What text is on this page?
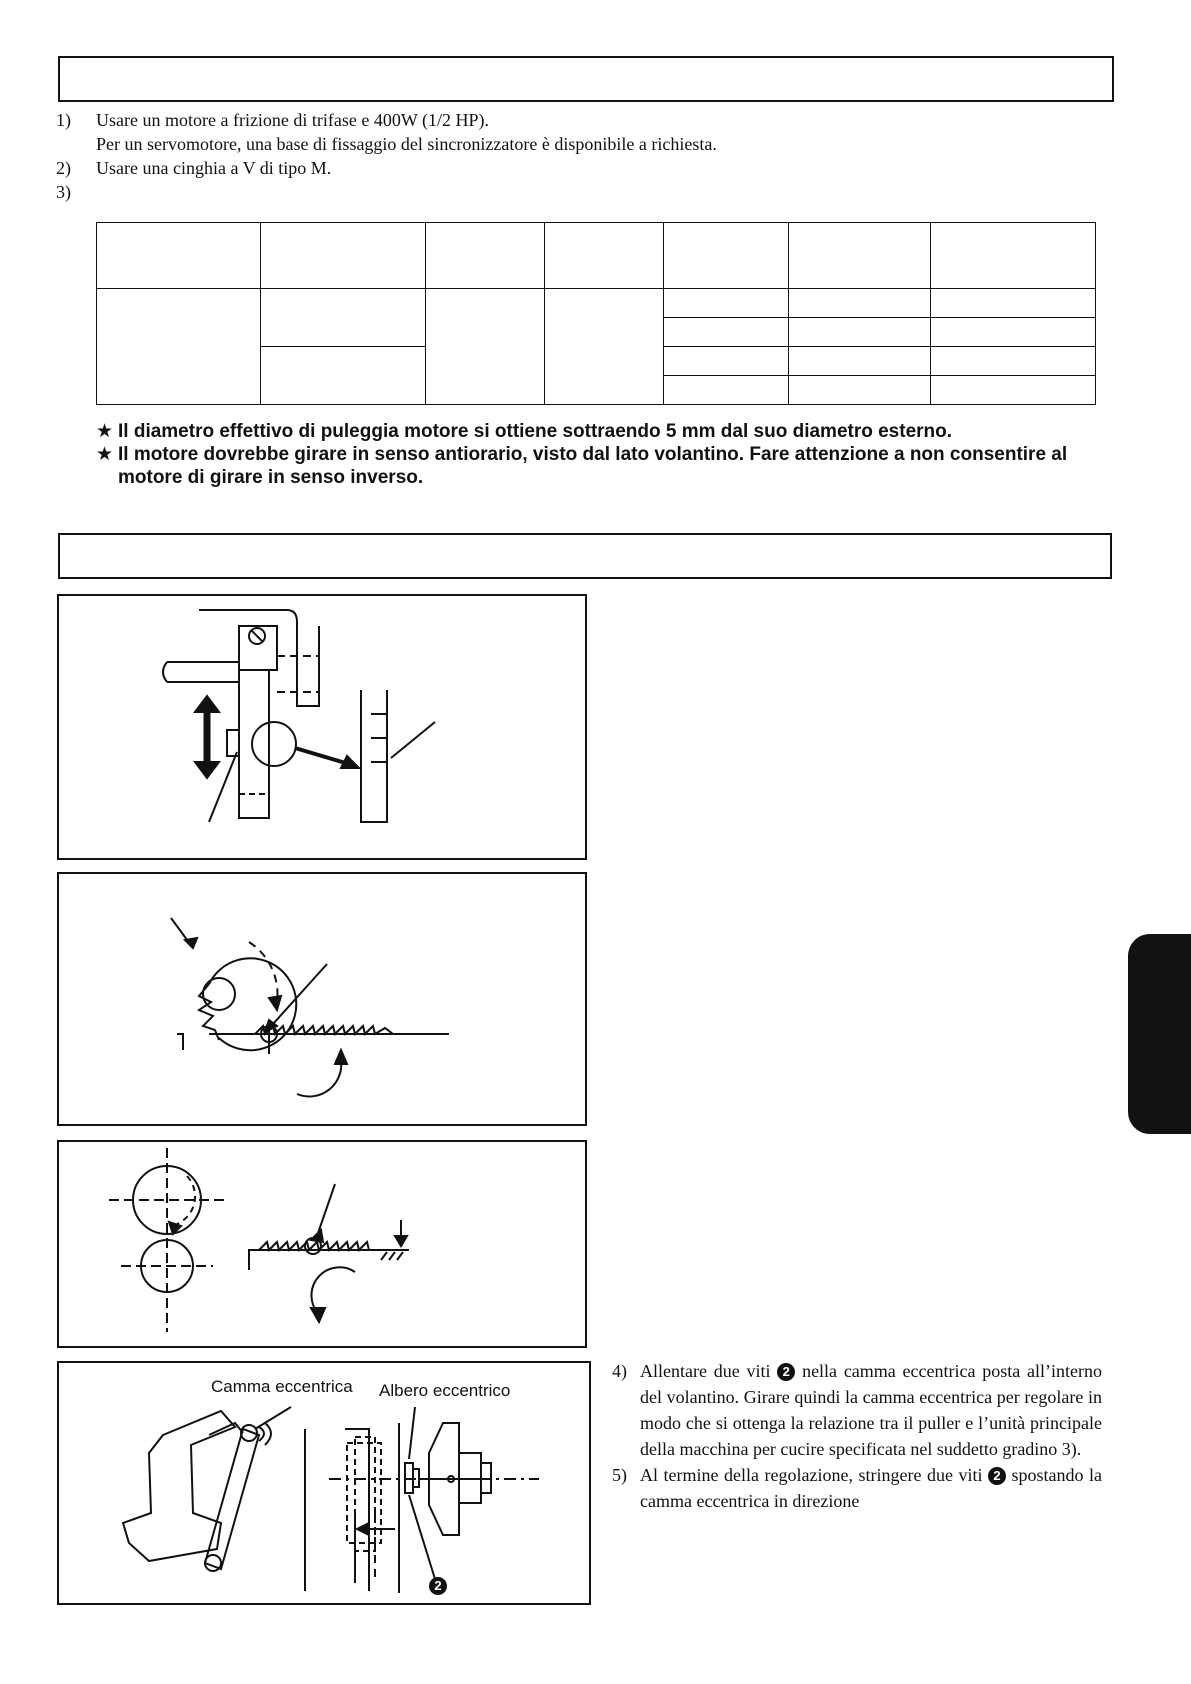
1)	Usare un motore a frizione di trifase e 400W (1/2 HP).
Per un servomotore, una base di fissaggio del sincronizzatore è disponibile a richiesta.
2)	Usare una cinghia a V di tipo M.
3)

★ Il diametro effettivo di puleggia motore si ottiene sottraendo 5 mm dal suo diametro esterno.
★ Il motore dovrebbe girare in senso antiorario, visto dal lato volantino. Fare attenzione a non consentire al motore di girare in senso inverso.
Camma eccentrica Albero eccentrico
2
4) Allentare due viti 2 nella camma eccentrica posta all’interno del volantino. Girare quindi la camma eccentrica per regolare in modo che si ottenga la relazione tra il puller e l’unità principale della macchina per cucire specificata nel suddetto gradino 3).
5) Al termine della regolazione, stringere due viti 2 spostando la camma eccentrica in direzione
